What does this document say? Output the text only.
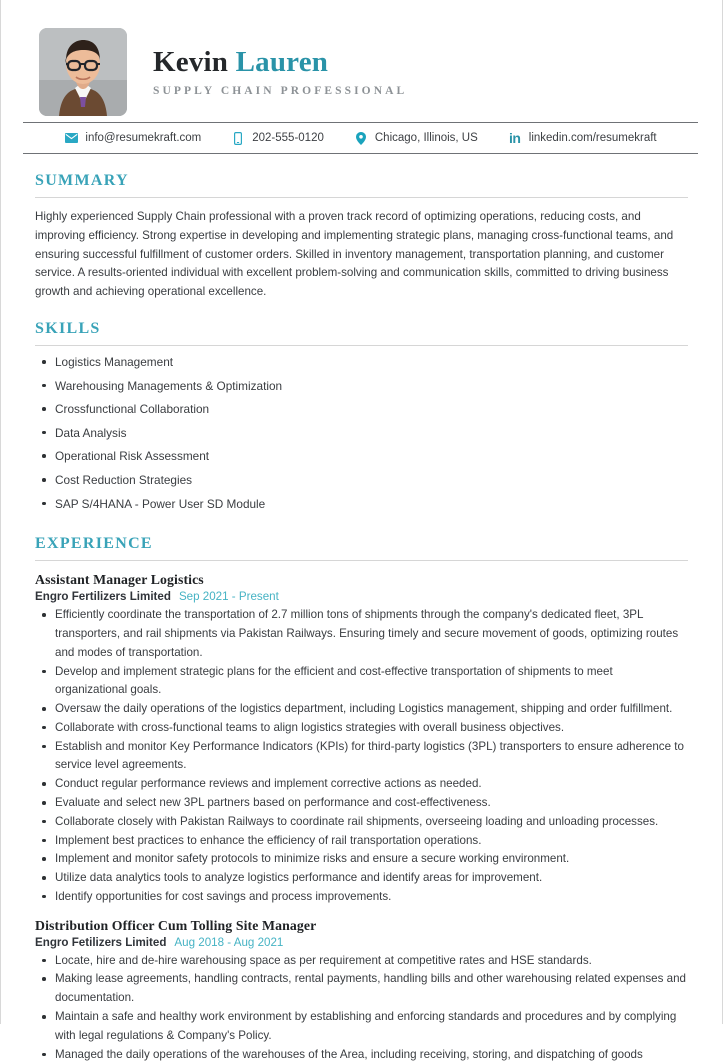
Kevin Lauren
SUPPLY CHAIN PROFESSIONAL
info@resumekraft.com	202-555-0120	Chicago, Illinois, US in linkedin.com/resumekraft
SUMMARY
Highly experienced Supply Chain professional with a proven track record of optimizing operations, reducing costs, and improving efficiency. Strong expertise in developing and implementing strategic plans, managing cross-functional teams, and ensuring successful fulfillment of customer orders. Skilled in inventory management, transportation planning, and customer service. A results-oriented individual with excellent problem-solving and communication skills, committed to driving business growth and achieving operational excellence.
SKILLS
Logistics Management
Warehousing Managements & Optimization
Crossfunctional Collaboration
Data Analysis
Operational Risk Assessment
Cost Reduction Strategies
SAP S/4HANA - Power User SD Module
EXPERIENCE
Assistant Manager Logistics
Engro Fertilizers Limited Sep 2021 - Present
Efficiently coordinate the transportation of 2.7 million tons of shipments through the company's dedicated fleet, 3PL transporters, and rail shipments via Pakistan Railways. Ensuring timely and secure movement of goods, optimizing routes and modes of transportation.
Develop and implement strategic plans for the efficient and cost-effective transportation of shipments to meet organizational goals.
Oversaw the daily operations of the logistics department, including Logistics management, shipping and order fulfillment.
Collaborate with cross-functional teams to align logistics strategies with overall business objectives.
Establish and monitor Key Performance Indicators (KPIs) for third-party logistics (3PL) transporters to ensure adherence to service level agreements.
Conduct regular performance reviews and implement corrective actions as needed.
Evaluate and select new 3PL partners based on performance and cost-effectiveness.
Collaborate closely with Pakistan Railways to coordinate rail shipments, overseeing loading and unloading processes.
Implement best practices to enhance the efficiency of rail transportation operations.
Implement and monitor safety protocols to minimize risks and ensure a secure working environment.
Utilize data analytics tools to analyze logistics performance and identify areas for improvement.
Identify opportunities for cost savings and process improvements.
Distribution Officer Cum Tolling Site Manager
Engro Fetilizers Limited Aug 2018 - Aug 2021
Locate, hire and de-hire warehousing space as per requirement at competitive rates and HSE standards.
Making lease agreements, handling contracts, rental payments, handling bills and other warehousing related expenses and documentation.
Maintain a safe and healthy work environment by establishing and enforcing standards and procedures and by complying with legal regulations & Company's Policy.
Managed the daily operations of the warehouses of the Area, including receiving, storing, and dispatching of goods
